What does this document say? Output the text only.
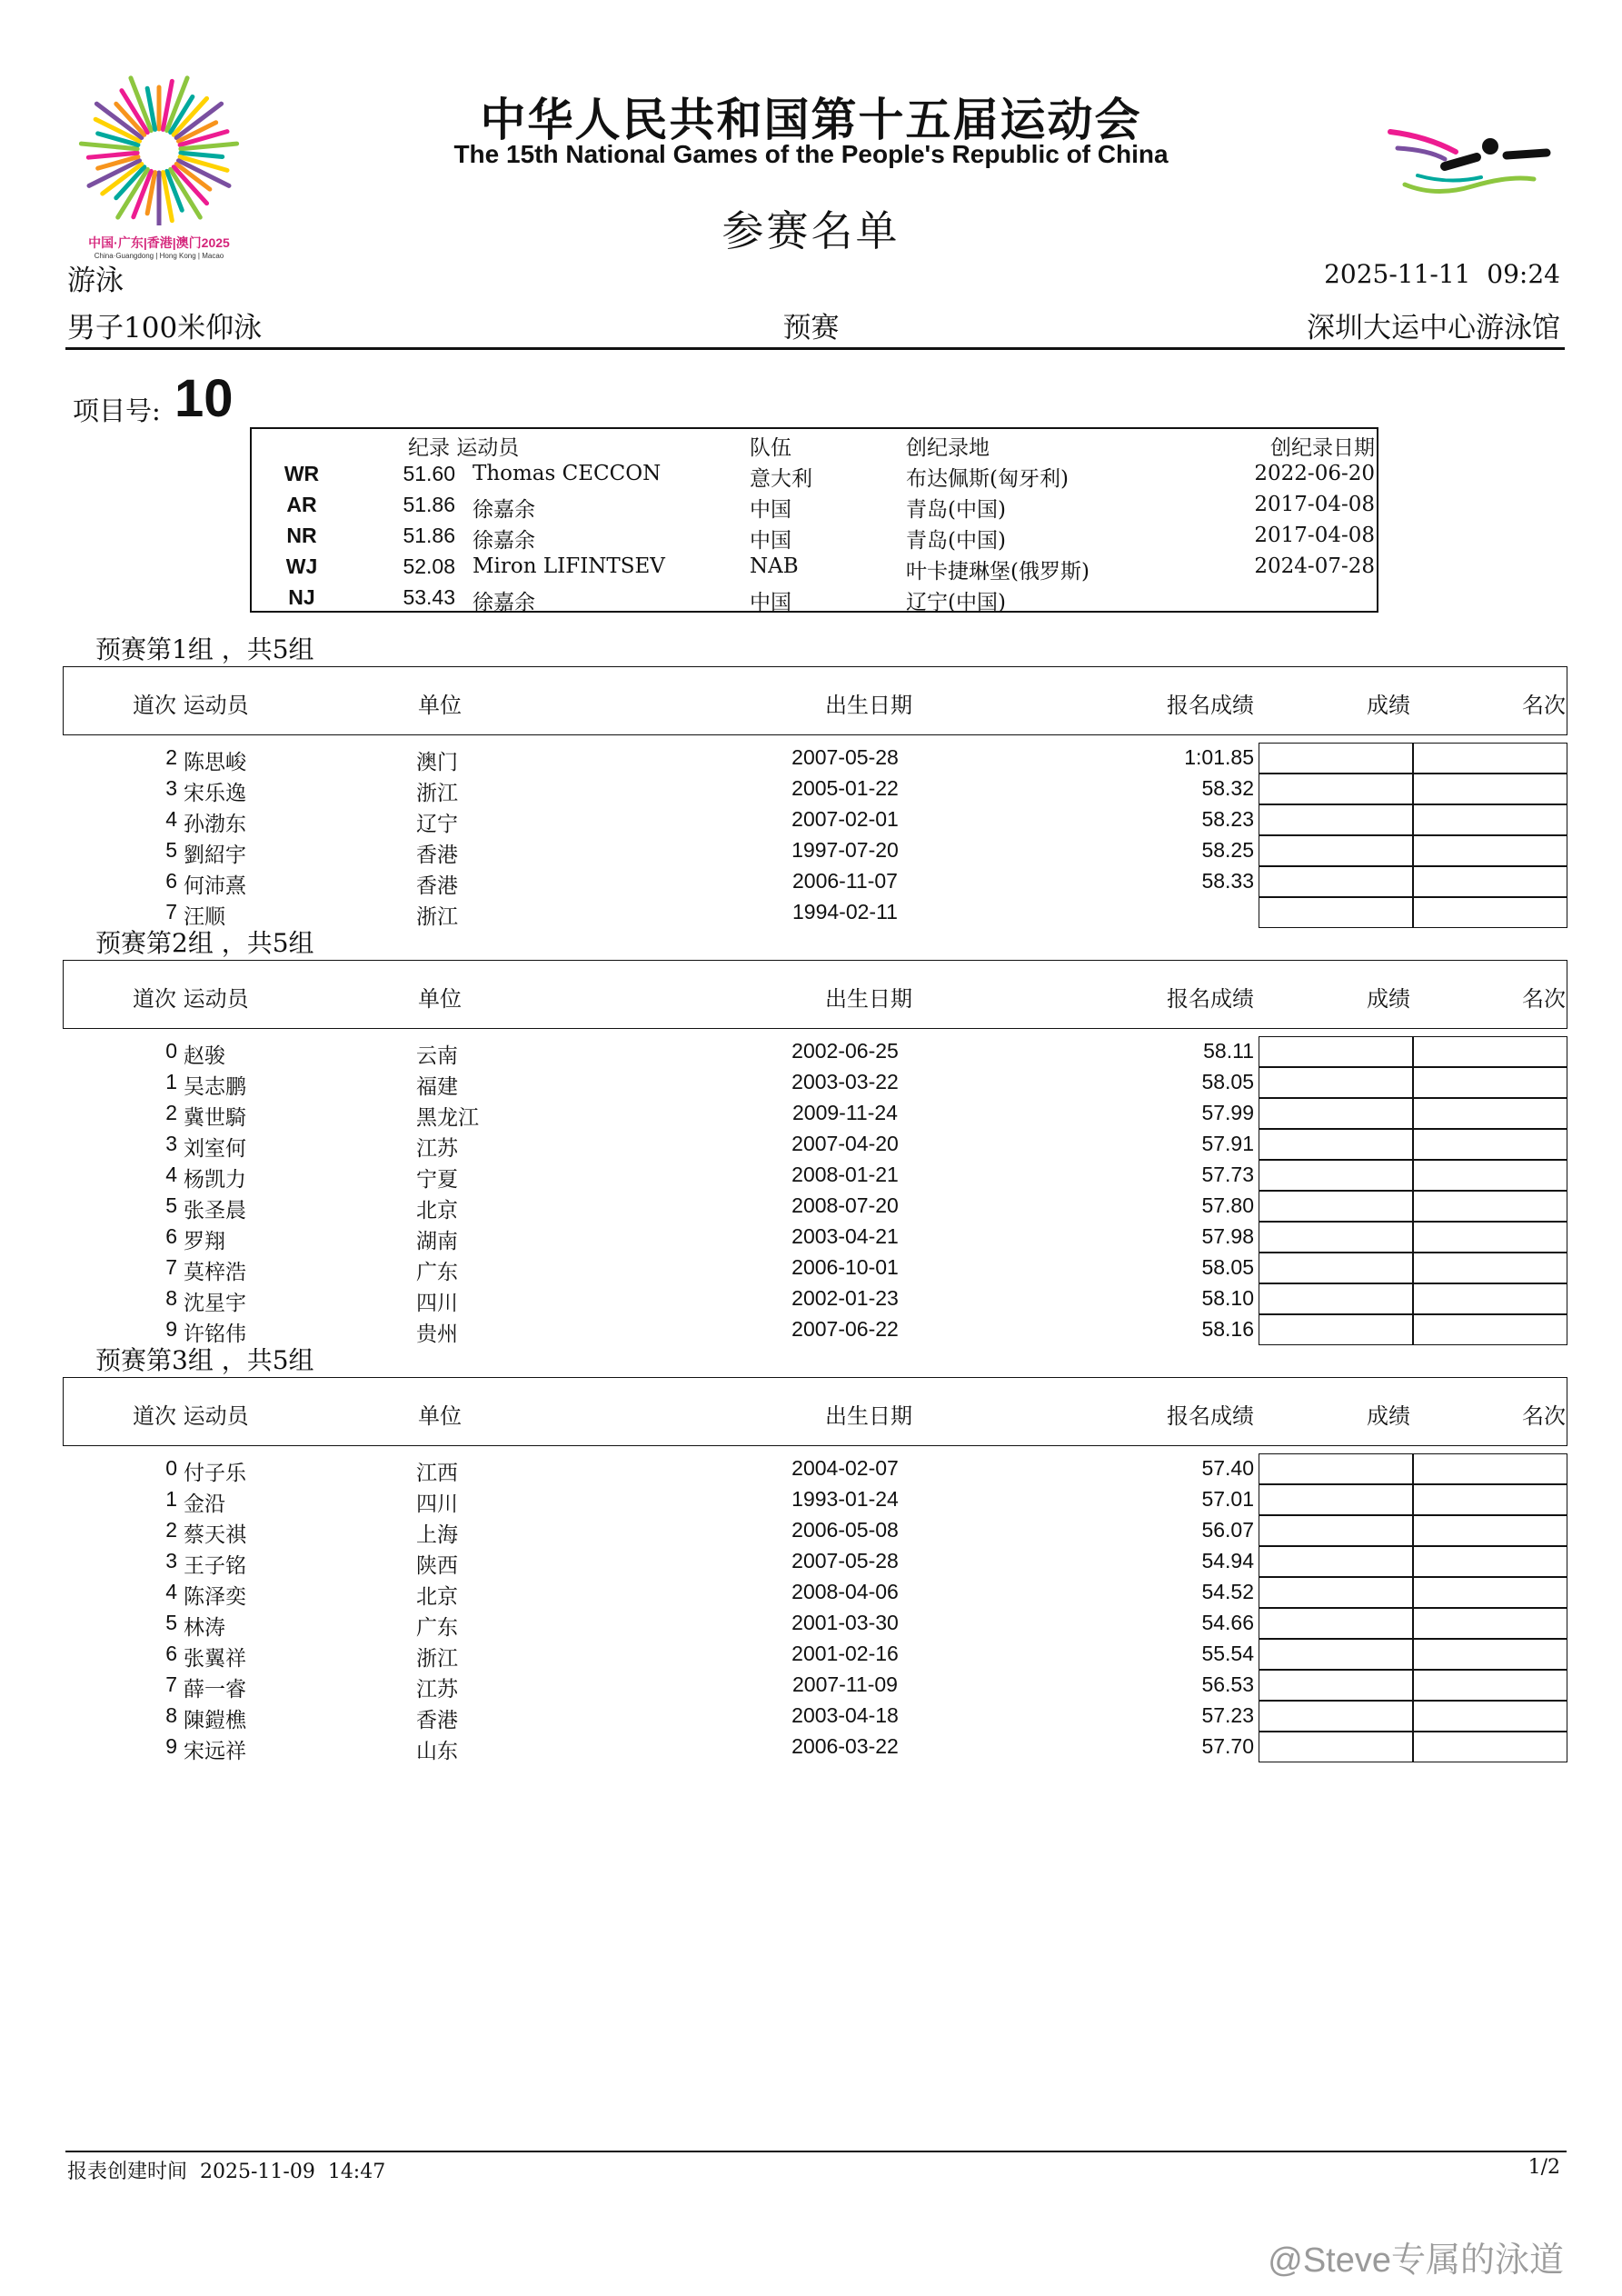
中国·广东|香港|澳门2025
China·Guangdong | Hong Kong | Macao
中华人民共和国第十五届运动会
The 15th National Games of the People's Republic of China
参赛名单
游泳	2025-11-11  09:24
男子100米仰泳	预赛	深圳大运中心游泳馆
项目号: 10
纪录 运动员	队伍	创纪录地	创纪录日期
WR	51.60 Thomas CECCON	意大利	布达佩斯(匈牙利)	2022-06-20
AR	51.86 徐嘉余	中国	青岛(中国)	2017-04-08
NR	51.86 徐嘉余	中国	青岛(中国)	2017-04-08
WJ	52.08 Miron LIFINTSEV	NAB	叶卡捷琳堡(俄罗斯)	2024-07-28
NJ	53.43 徐嘉余	中国	辽宁(中国)
预赛第1组 ，共5组
道次 运动员	单位	出生日期	报名成绩	成绩	名次
2 陈思峻	澳门	2007-05-28	1:01.85
3 宋乐逸	浙江	2005-01-22	58.32
4 孙渤东	辽宁	2007-02-01	58.23
5 劉紹宇	香港	1997-07-20	58.25
6 何沛熹	香港	2006-11-07	58.33
7 汪顺	浙江	1994-02-11
预赛第2组 ，共5组
道次 运动员	单位	出生日期	报名成绩	成绩	名次
0 赵骏	云南	2002-06-25	58.11
1 吴志鹏	福建	2003-03-22	58.05
2 冀世騎	黑龙江	2009-11-24	57.99
3 刘室何	江苏	2007-04-20	57.91
4 杨凯力	宁夏	2008-01-21	57.73
5 张圣晨	北京	2008-07-20	57.80
6 罗翔	湖南	2003-04-21	57.98
7 莫梓浩	广东	2006-10-01	58.05
8 沈星宇	四川	2002-01-23	58.10
9 许铭伟	贵州	2007-06-22	58.16
预赛第3组 ，共5组
道次 运动员	单位	出生日期	报名成绩	成绩	名次
0 付子乐	江西	2004-02-07	57.40
1 金沿	四川	1993-01-24	57.01
2 蔡天祺	上海	2006-05-08	56.07
3 王子铭	陕西	2007-05-28	54.94
4 陈泽奕	北京	2008-04-06	54.52
5 林涛	广东	2001-03-30	54.66
6 张翼祥	浙江	2001-02-16	55.54
7 薛一睿	江苏	2007-11-09	56.53
8 陳鎧樵	香港	2003-04-18	57.23
9 宋远祥	山东	2006-03-22	57.70
报表创建时间  2025-11-09  14:47	1/2
@Steve专属的泳道
